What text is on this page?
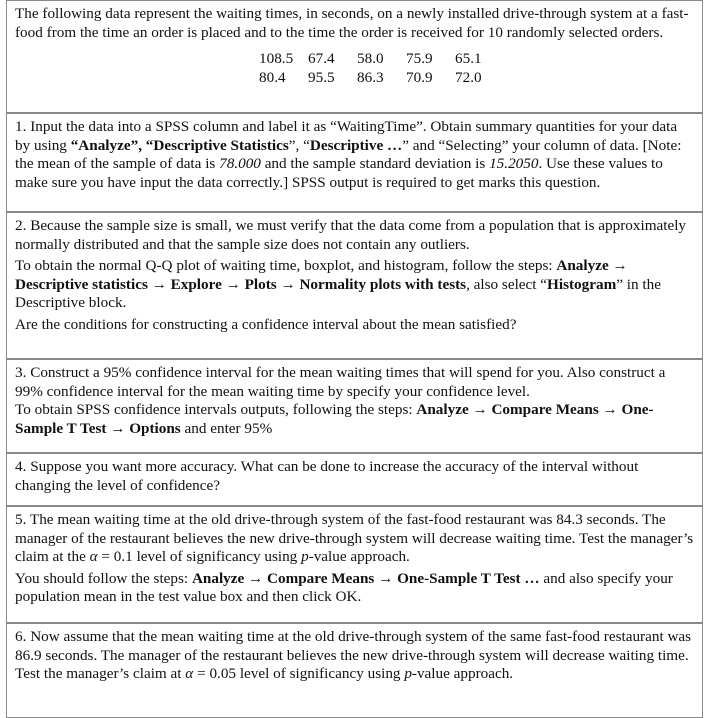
The following data represent the waiting times, in seconds, on a newly installed drive-through system at a fast-food from the time an order is placed and to the time the order is received for 10 randomly selected orders.

108.5	67.4	58.0	75.9	65.1
80.4	95.5	86.3	70.9	72.0

1. Input the data into a SPSS column and label it as “WaitingTime”. Obtain summary quantities for your data by using “Analyze”, “Descriptive Statistics”, “Descriptive …” and “Selecting” your column of data. [Note: the mean of the sample of data is 78.000 and the sample standard deviation is 15.2050. Use these values to make sure you have input the data correctly.] SPSS output is required to get marks this question.

2. Because the sample size is small, we must verify that the data come from a population that is approximately normally distributed and that the sample size does not contain any outliers.

To obtain the normal Q-Q plot of waiting time, boxplot, and histogram, follow the steps: Analyze → Descriptive statistics → Explore → Plots → Normality plots with tests, also select “Histogram” in the Descriptive block.

Are the conditions for constructing a confidence interval about the mean satisfied?

3. Construct a 95% confidence interval for the mean waiting times that will spend for you. Also construct a 99% confidence interval for the mean waiting time by specify your confidence level.

To obtain SPSS confidence intervals outputs, following the steps: Analyze → Compare Means → One-Sample T Test → Options and enter 95%

4. Suppose you want more accuracy. What can be done to increase the accuracy of the interval without changing the level of confidence?

5. The mean waiting time at the old drive-through system of the fast-food restaurant was 84.3 seconds. The manager of the restaurant believes the new drive-through system will decrease waiting time. Test the manager’s claim at the α = 0.1 level of significancy using p-value approach.

You should follow the steps: Analyze → Compare Means → One-Sample T Test … and also specify your population mean in the test value box and then click OK.

6. Now assume that the mean waiting time at the old drive-through system of the same fast-food restaurant was 86.9 seconds. The manager of the restaurant believes the new drive-through system will decrease waiting time. Test the manager’s claim at α = 0.05 level of significancy using p-value approach.
